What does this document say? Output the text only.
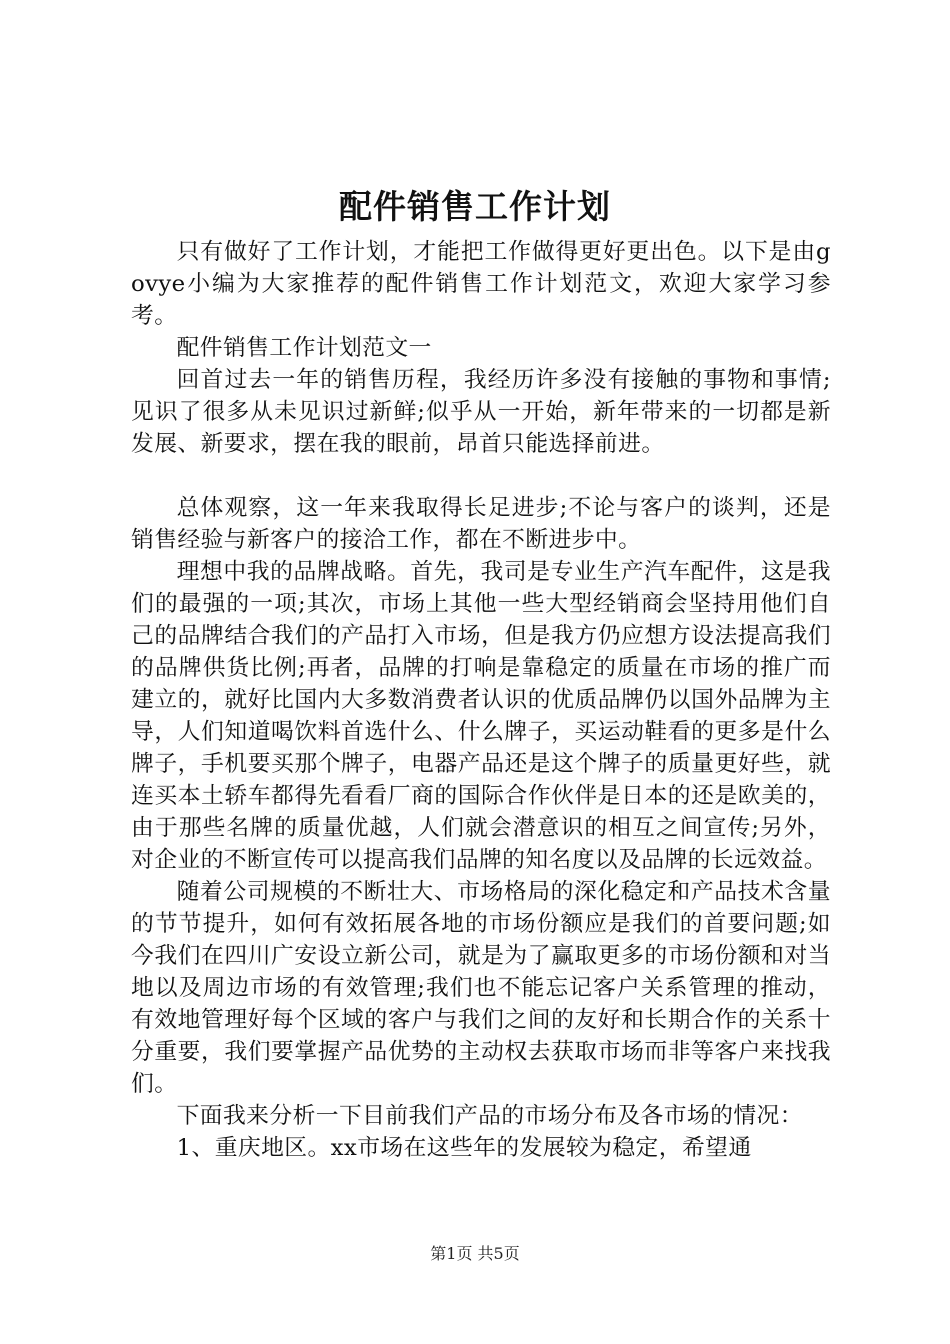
配件销售工作计划

只有做好了工作计划，才能把工作做得更好更出色。以下是由govye小编为大家推荐的配件销售工作计划范文，欢迎大家学习参考。

配件销售工作计划范文一

回首过去一年的销售历程，我经历许多没有接触的事物和事情;见识了很多从未见识过新鲜;似乎从一开始，新年带来的一切都是新发展、新要求，摆在我的眼前，昂首只能选择前进。

总体观察，这一年来我取得长足进步;不论与客户的谈判，还是销售经验与新客户的接洽工作，都在不断进步中。

理想中我的品牌战略。首先，我司是专业生产汽车配件，这是我们的最强的一项;其次，市场上其他一些大型经销商会坚持用他们自己的品牌结合我们的产品打入市场，但是我方仍应想方设法提高我们的品牌供货比例;再者，品牌的打响是靠稳定的质量在市场的推广而建立的，就好比国内大多数消费者认识的优质品牌仍以国外品牌为主导，人们知道喝饮料首选什么、什么牌子，买运动鞋看的更多是什么牌子，手机要买那个牌子，电器产品还是这个牌子的质量更好些，就连买本土轿车都得先看看厂商的国际合作伙伴是日本的还是欧美的，由于那些名牌的质量优越，人们就会潜意识的相互之间宣传;另外，对企业的不断宣传可以提高我们品牌的知名度以及品牌的长远效益。

随着公司规模的不断壮大、市场格局的深化稳定和产品技术含量的节节提升，如何有效拓展各地的市场份额应是我们的首要问题;如今我们在四川广安设立新公司，就是为了赢取更多的市场份额和对当地以及周边市场的有效管理;我们也不能忘记客户关系管理的推动，有效地管理好每个区域的客户与我们之间的友好和长期合作的关系十分重要，我们要掌握产品优势的主动权去获取市场而非等客户来找我们。

下面我来分析一下目前我们产品的市场分布及各市场的情况：

1、重庆地区。xx市场在这些年的发展较为稳定，希望通

第1页 共5页
